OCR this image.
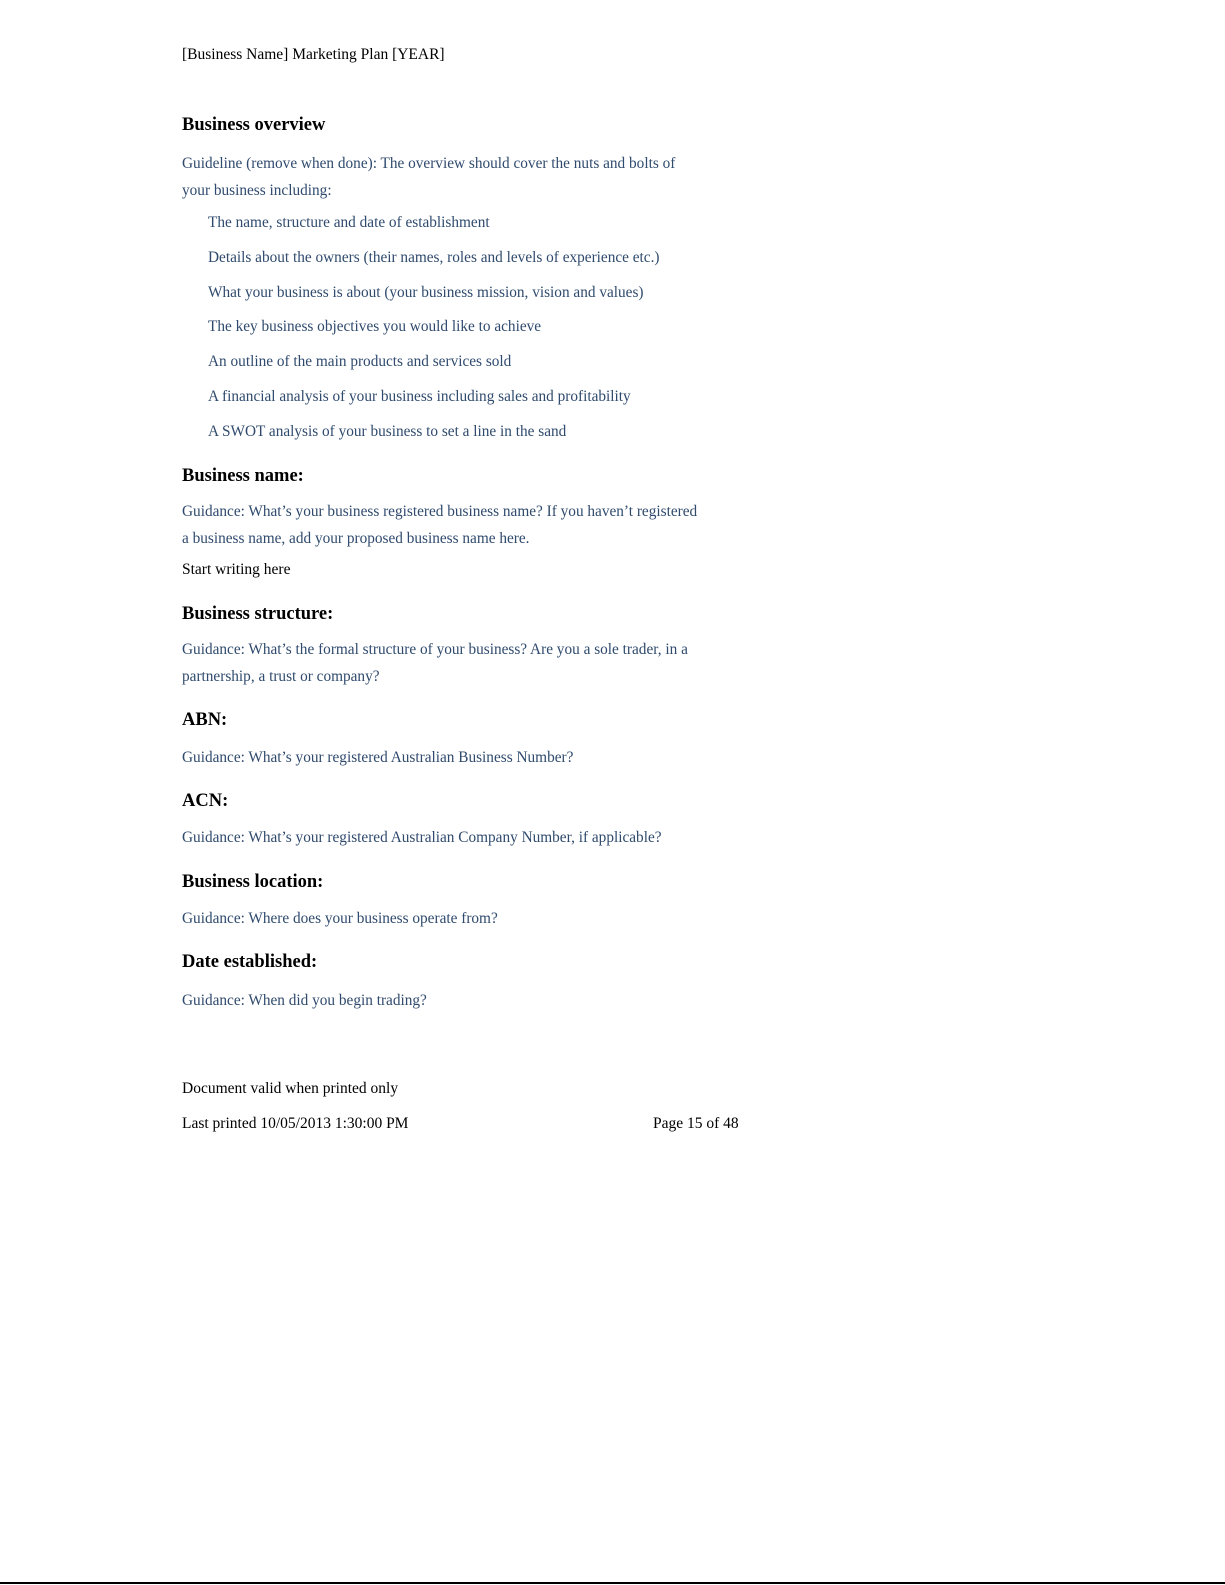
[Business Name] Marketing Plan [YEAR]
Business overview

Guideline (remove when done): The overview should cover the nuts and bolts of your business including:

The name, structure and date of establishment
Details about the owners (their names, roles and levels of experience etc.)
What your business is about (your business mission, vision and values)
The key business objectives you would like to achieve
An outline of the main products and services sold
A financial analysis of your business including sales and profitability
A SWOT analysis of your business to set a line in the sand
Business name:

Guidance: What’s your business registered business name? If you haven’t registered a business name, add your proposed business name here.

Start writing here

Business structure:

Guidance: What’s the formal structure of your business? Are you a sole trader, in a partnership, a trust or company?

ABN:

Guidance: What’s your registered Australian Business Number?

ACN:

Guidance: What’s your registered Australian Company Number, if applicable?

Business location:

Guidance: Where does your business operate from?

Date established:

Guidance: When did you begin trading?

Document valid when printed only
Last printed 10/05/2013 1:30:00 PM	Page 15 of 48
